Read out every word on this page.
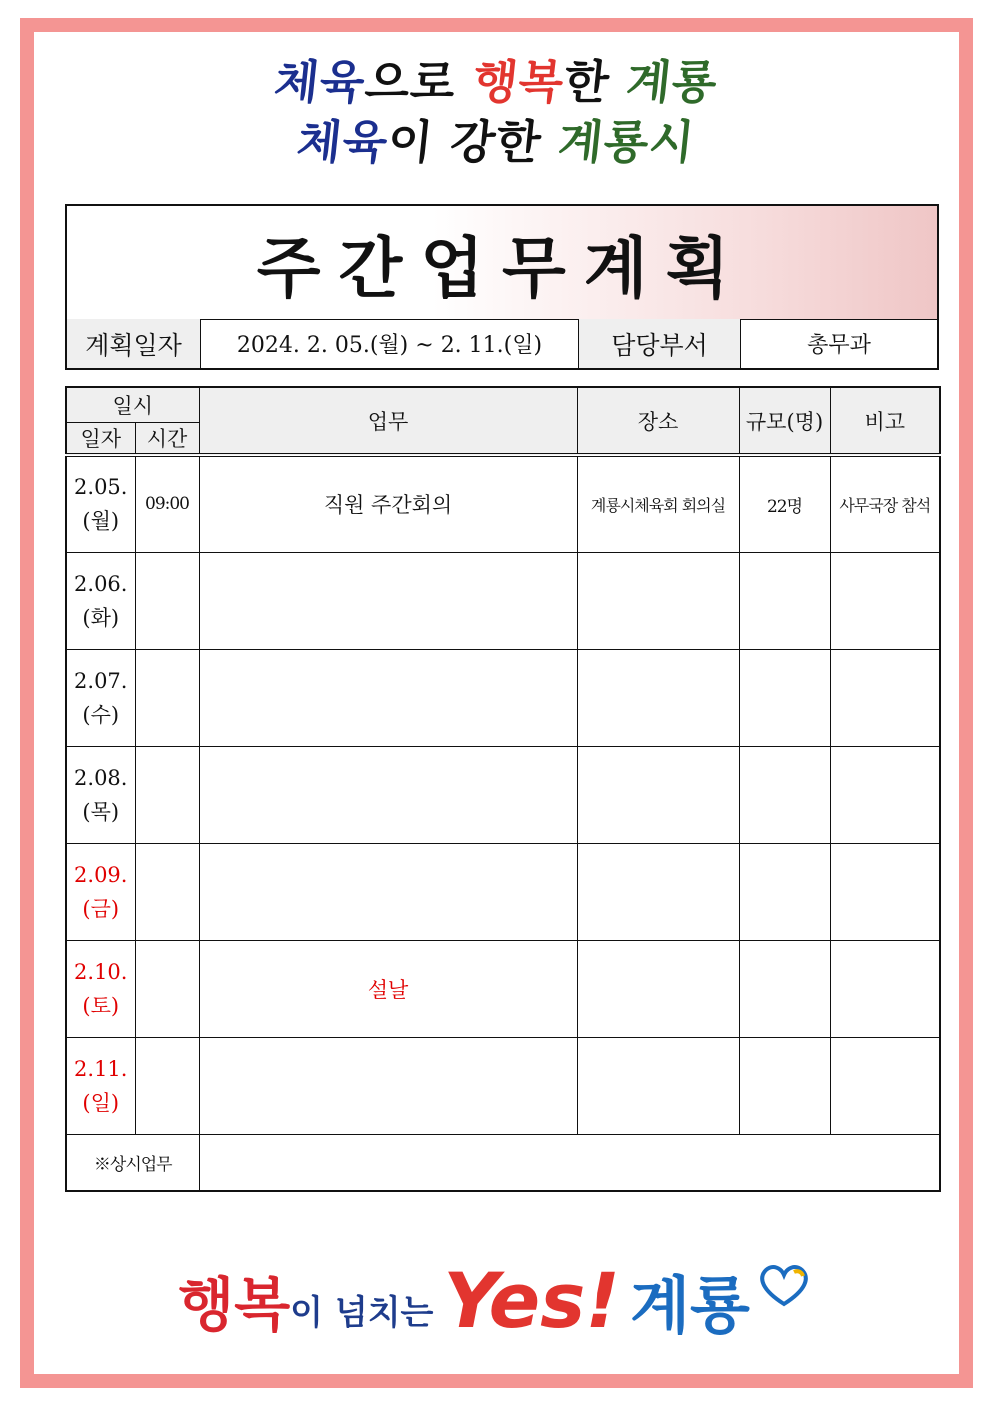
체육으로 행복한 계룡
체육이 강한 계룡시
주간업무계획
계획일자	2024. 2. 05.(월) ~ 2. 11.(일)	담당부서	총무과
일시		업무	장소	규모(명)	비고
일자	시간				

2.05.
(월)	09:00	직원 주간회의	계룡시체육회 회의실	22명	사무국장 참석

2.06.
(화)					

2.07.
(수)					

2.08.
(목)					

2.09.
(금)					

2.10.
(토)		설날			

2.11.
(일)					

※상시업무					
행복 이 넘치는 Yes! 계룡
